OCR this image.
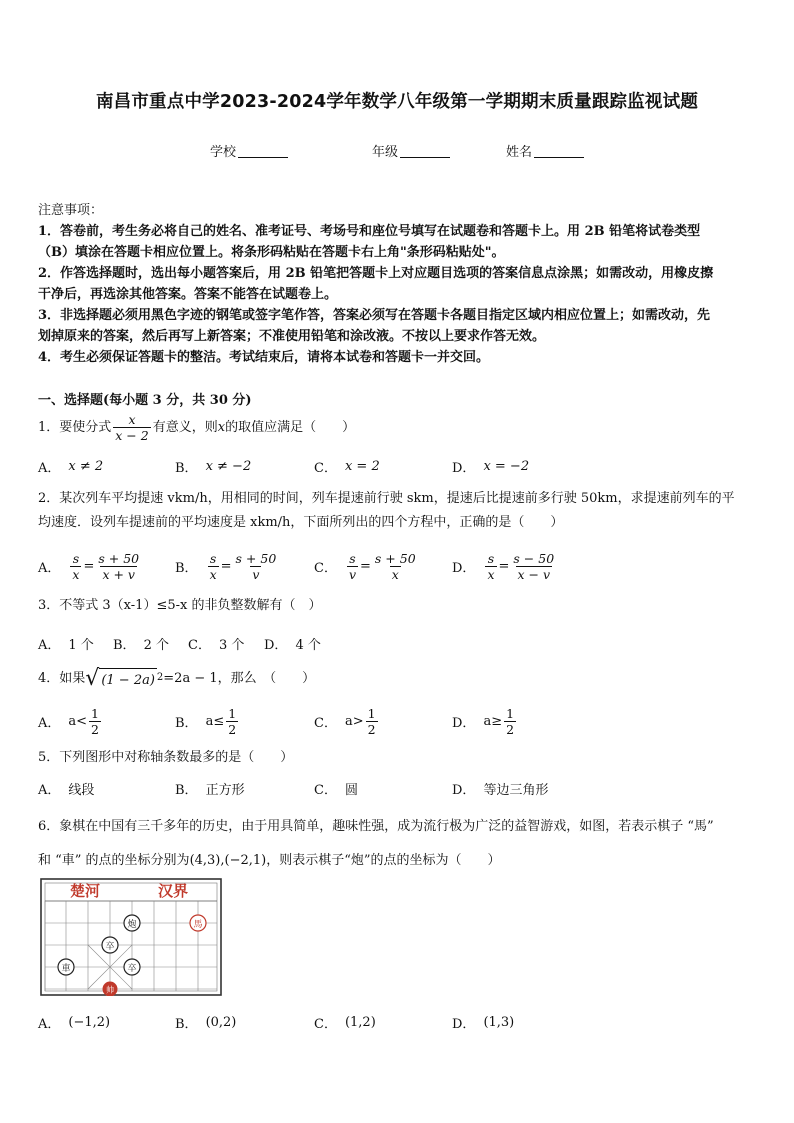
南昌市重点中学2023-2024学年数学八年级第一学期期末质量跟踪监视试题
学校	年级	姓名
注意事项：
1．答卷前，考生务必将自己的姓名、准考证号、考场号和座位号填写在试题卷和答题卡上。用 2B 铅笔将试卷类型
（B）填涂在答题卡相应位置上。将条形码粘贴在答题卡右上角"条形码粘贴处"。
2．作答选择题时，选出每小题答案后，用 2B 铅笔把答题卡上对应题目选项的答案信息点涂黑；如需改动，用橡皮擦
干净后，再选涂其他答案。答案不能答在试题卷上。
3．非选择题必须用黑色字迹的钢笔或签字笔作答，答案必须写在答题卡各题目指定区域内相应位置上；如需改动，先
划掉原来的答案，然后再写上新答案；不准使用铅笔和涂改液。不按以上要求作答无效。
4．考生必须保证答题卡的整洁。考试结束后，请将本试卷和答题卡一并交回。
一、选择题(每小题 3 分，共 30 分)
1．要使分式 $\frac{x}{x - 2}$ 有意义，则 x 的取值应满足（　　）
A． x ≠ 2	B． x ≠ −2	C． x = 2	D． x = −2
2．某次列车平均提速 vkm/h，用相同的时间，列车提速前行驶 skm，提速后比提速前多行驶 50km，求提速前列车的平
均速度．设列车提速前的平均速度是 xkm/h，下面所列出的四个方程中，正确的是（　　）
A． $\frac{s}{x} = \frac{s + 50}{x + v}$	B． $\frac{s}{x} = \frac{s + 50}{v}$	C． $\frac{s}{v} = \frac{s + 50}{x}$	D． $\frac{s}{x} = \frac{s - 50}{x - v}$
3．不等式 3（x-1）≤5-x 的非负整数解有（　）
A． 1 个 B． 2 个 C． 3 个 D． 4 个
4．如果 √ (1 − 2a) 2 =2a − 1，那么　（　　）
A． $a< \frac{1}{2}$	B． $a\le \frac{1}{2}$	C． $a> \frac{1}{2}$	D． $a\ge \frac{1}{2}$
5．下列图形中对称轴条数最多的是（　　）
A． 线段	B． 正方形	C． 圆	D． 等边三角形
6．象棋在中国有三千多年的历史，由于用具简单，趣味性强，成为流行极为广泛的益智游戏，如图，若表示棋子 “馬”
和 “車” 的点的坐标分别为(4,3),(−2,1)，则表示棋子“炮”的点的坐标为（　　）
楚河	汉界
炮	馬
卒
車	卒
帅
A． (−1,2)	B． (0,2)	C． (1,2)	D． (1,3)
